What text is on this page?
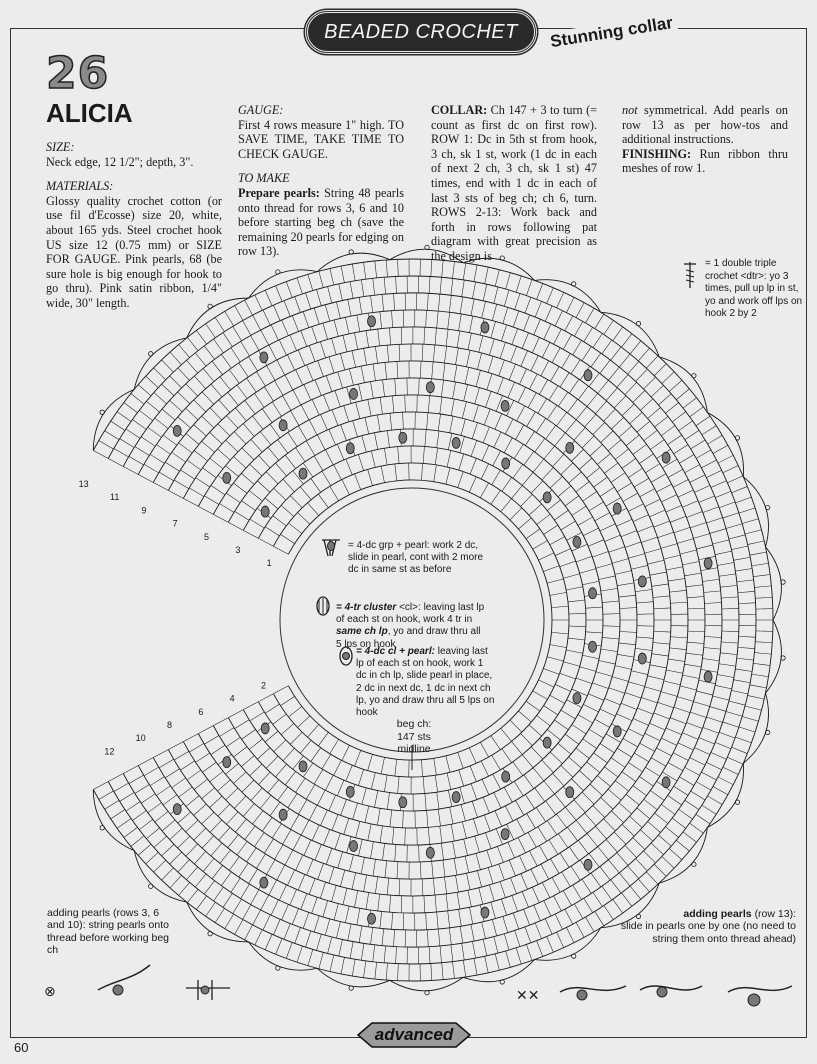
BEADED CROCHET Stunning collar
26
ALICIA

SIZE:

Neck edge, 12 1/2"; depth, 3".

MATERIALS:

Glossy quality crochet cotton (or use fil d'Ecosse) size 20, white, about 165 yds. Steel crochet hook US size 12 (0.75 mm) or SIZE FOR GAUGE. Pink pearls, 68 (be sure hole is big enough for hook to go thru). Pink satin ribbon, 1/4" wide, 30" length.

GAUGE:

First 4 rows measure 1" high. TO SAVE TIME, TAKE TIME TO CHECK GAUGE.

TO MAKE

Prepare pearls: String 48 pearls onto thread for rows 3, 6 and 10 before starting beg ch (save the remaining 20 pearls for edging on row 13).

COLLAR: Ch 147 + 3 to turn (= count as first dc on first row). ROW 1: Dc in 5th st from hook, 3 ch, sk 1 st, work (1 dc in each of next 2 ch, 3 ch, sk 1 st) 47 times, end with 1 dc in each of last 3 sts of beg ch; ch 6, turn. ROWS 2-13: Work back and forth in rows following pat diagram with great precision as the design is

not symmetrical. Add pearls on row 13 as per how-tos and additional instructions.

FINISHING: Run ribbon thru meshes of row 1.

⊗	✕✕
13
11
9
7
5
3
1
12
10
8
6
4
2
= 1 double triple crochet <dtr>: yo 3 times, pull up lp in st, yo and work off lps on hook 2 by 2
= 4-dc grp + pearl: work 2 dc, slide in pearl, cont with 2 more dc in same st as before
= 4-tr cluster <cl>: leaving last lp of each st on hook, work 4 tr in same ch lp, yo and draw thru all 5 lps on hook
= 4-dc cl + pearl: leaving last lp of each st on hook, work 1 dc in ch lp, slide pearl in place, 2 dc in next dc, 1 dc in next ch lp, yo and draw thru all 5 lps on hook
beg ch:
147 sts
midline
adding pearls (rows 3, 6 and 10): string pearls onto thread before working beg ch
adding pearls (row 13):
slide in pearls one by one (no need to string them onto thread ahead)
advanced
60
